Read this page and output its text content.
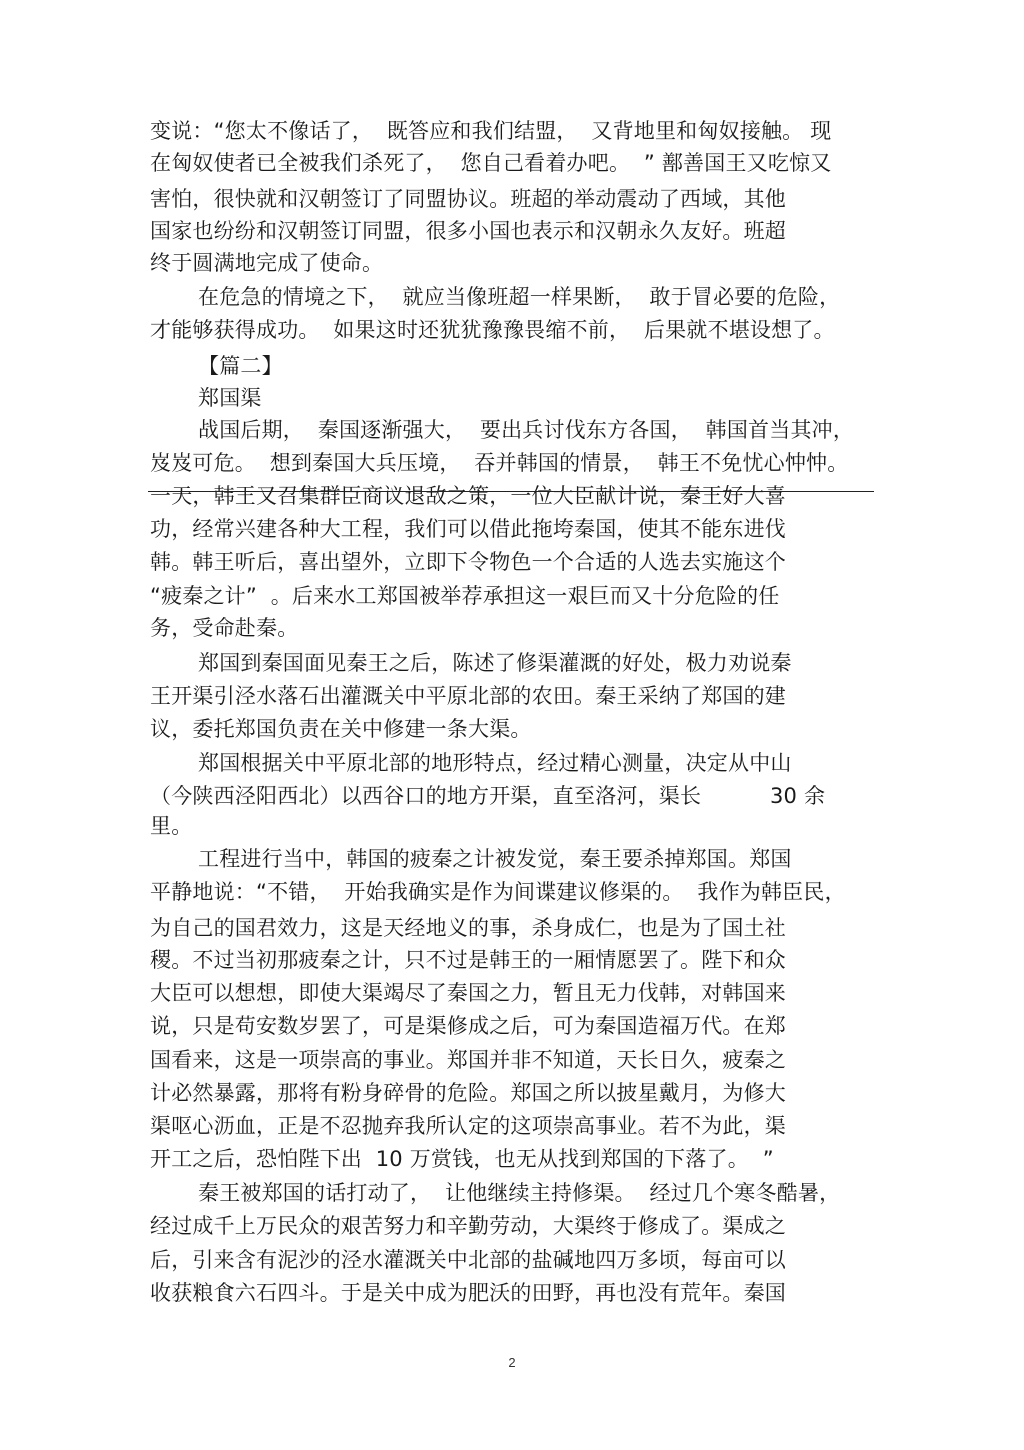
变说：“您太不像话了，  既答应和我们结盟，  又背地里和匈奴接触。 现
在匈奴使者已全被我们杀死了，  您自己看着办吧。  ” 鄯善国王又吃惊又
害怕，很快就和汉朝签订了同盟协议。班超的举动震动了西域，其他
国家也纷纷和汉朝签订同盟，很多小国也表示和汉朝永久友好。班超
终于圆满地完成了使命。
在危急的情境之下，  就应当像班超一样果断，  敢于冒必要的危险，
才能够获得成功。  如果这时还犹犹豫豫畏缩不前，  后果就不堪设想了。
【篇二】
郑国渠
战国后期，  秦国逐渐强大，  要出兵讨伐东方各国，  韩国首当其冲，
岌岌可危。  想到秦国大兵压境，  吞并韩国的情景，  韩王不免忧心忡忡。
一天，韩王又召集群臣商议退敌之策，一位大臣献计说，秦王好大喜
功，经常兴建各种大工程，我们可以借此拖垮秦国，使其不能东进伐
韩。韩王听后，喜出望外，立即下令物色一个合适的人选去实施这个
“疲秦之计”  。后来水工郑国被举荐承担这一艰巨而又十分危险的任
务，受命赴秦。
郑国到秦国面见秦王之后，陈述了修渠灌溉的好处，极力劝说秦
王开渠引泾水落石出灌溉关中平原北部的农田。秦王采纳了郑国的建
议，委托郑国负责在关中修建一条大渠。
郑国根据关中平原北部的地形特点，经过精心测量，决定从中山
（今陕西泾阳西北）以西谷口的地方开渠，直至洛河，渠长          30 余
里。
工程进行当中，韩国的疲秦之计被发觉，秦王要杀掉郑国。郑国
平静地说：“不错，  开始我确实是作为间谍建议修渠的。  我作为韩臣民，
为自己的国君效力，这是天经地义的事，杀身成仁，也是为了国土社
稷。不过当初那疲秦之计，只不过是韩王的一厢情愿罢了。陛下和众
大臣可以想想，即使大渠竭尽了秦国之力，暂且无力伐韩，对韩国来
说，只是苟安数岁罢了，可是渠修成之后，可为秦国造福万代。在郑
国看来，这是一项崇高的事业。郑国并非不知道，天长日久，疲秦之
计必然暴露，那将有粉身碎骨的危险。郑国之所以披星戴月，为修大
渠呕心沥血，正是不忍抛弃我所认定的这项崇高事业。若不为此，渠
开工之后，恐怕陛下出  10 万赏钱，也无从找到郑国的下落了。  ”
秦王被郑国的话打动了，  让他继续主持修渠。  经过几个寒冬酷暑，
经过成千上万民众的艰苦努力和辛勤劳动，大渠终于修成了。渠成之
后，引来含有泥沙的泾水灌溉关中北部的盐碱地四万多顷，每亩可以
收获粮食六石四斗。于是关中成为肥沃的田野，再也没有荒年。秦国
2
